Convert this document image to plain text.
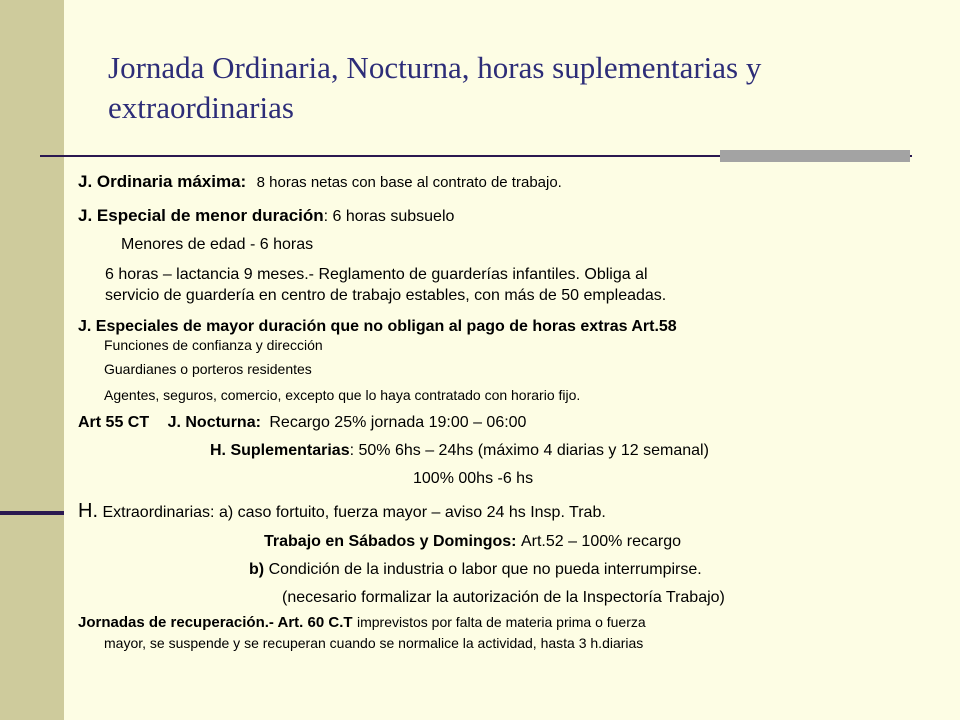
Jornada Ordinaria, Nocturna, horas suplementarias y extraordinarias
J. Ordinaria máxima: 8 horas netas con base al contrato de trabajo.
J. Especial de menor duración: 6 horas subsuelo
Menores de edad - 6 horas
6 horas – lactancia 9 meses.- Reglamento de guarderías infantiles. Obliga al
servicio de guardería en centro de trabajo estables, con más de 50 empleadas.
J. Especiales de mayor duración que no obligan al pago de horas extras Art.58
Funciones de confianza y dirección
Guardianes o porteros residentes
Agentes, seguros, comercio, excepto que lo haya contratado con horario fijo.
Art 55 CT J. Nocturna: Recargo 25% jornada 19:00 – 06:00
H. Suplementarias: 50% 6hs – 24hs (máximo 4 diarias y 12 semanal)
100% 00hs -6 hs
H. Extraordinarias: a) caso fortuito, fuerza mayor – aviso 24 hs Insp. Trab.
Trabajo en Sábados y Domingos: Art.52 – 100% recargo
b) Condición de la industria o labor que no pueda interrumpirse.
(necesario formalizar la autorización de la Inspectoría Trabajo)
Jornadas de recuperación.- Art. 60 C.T imprevistos por falta de materia prima o fuerza
mayor, se suspende y se recuperan cuando se normalice la actividad, hasta 3 h.diarias
